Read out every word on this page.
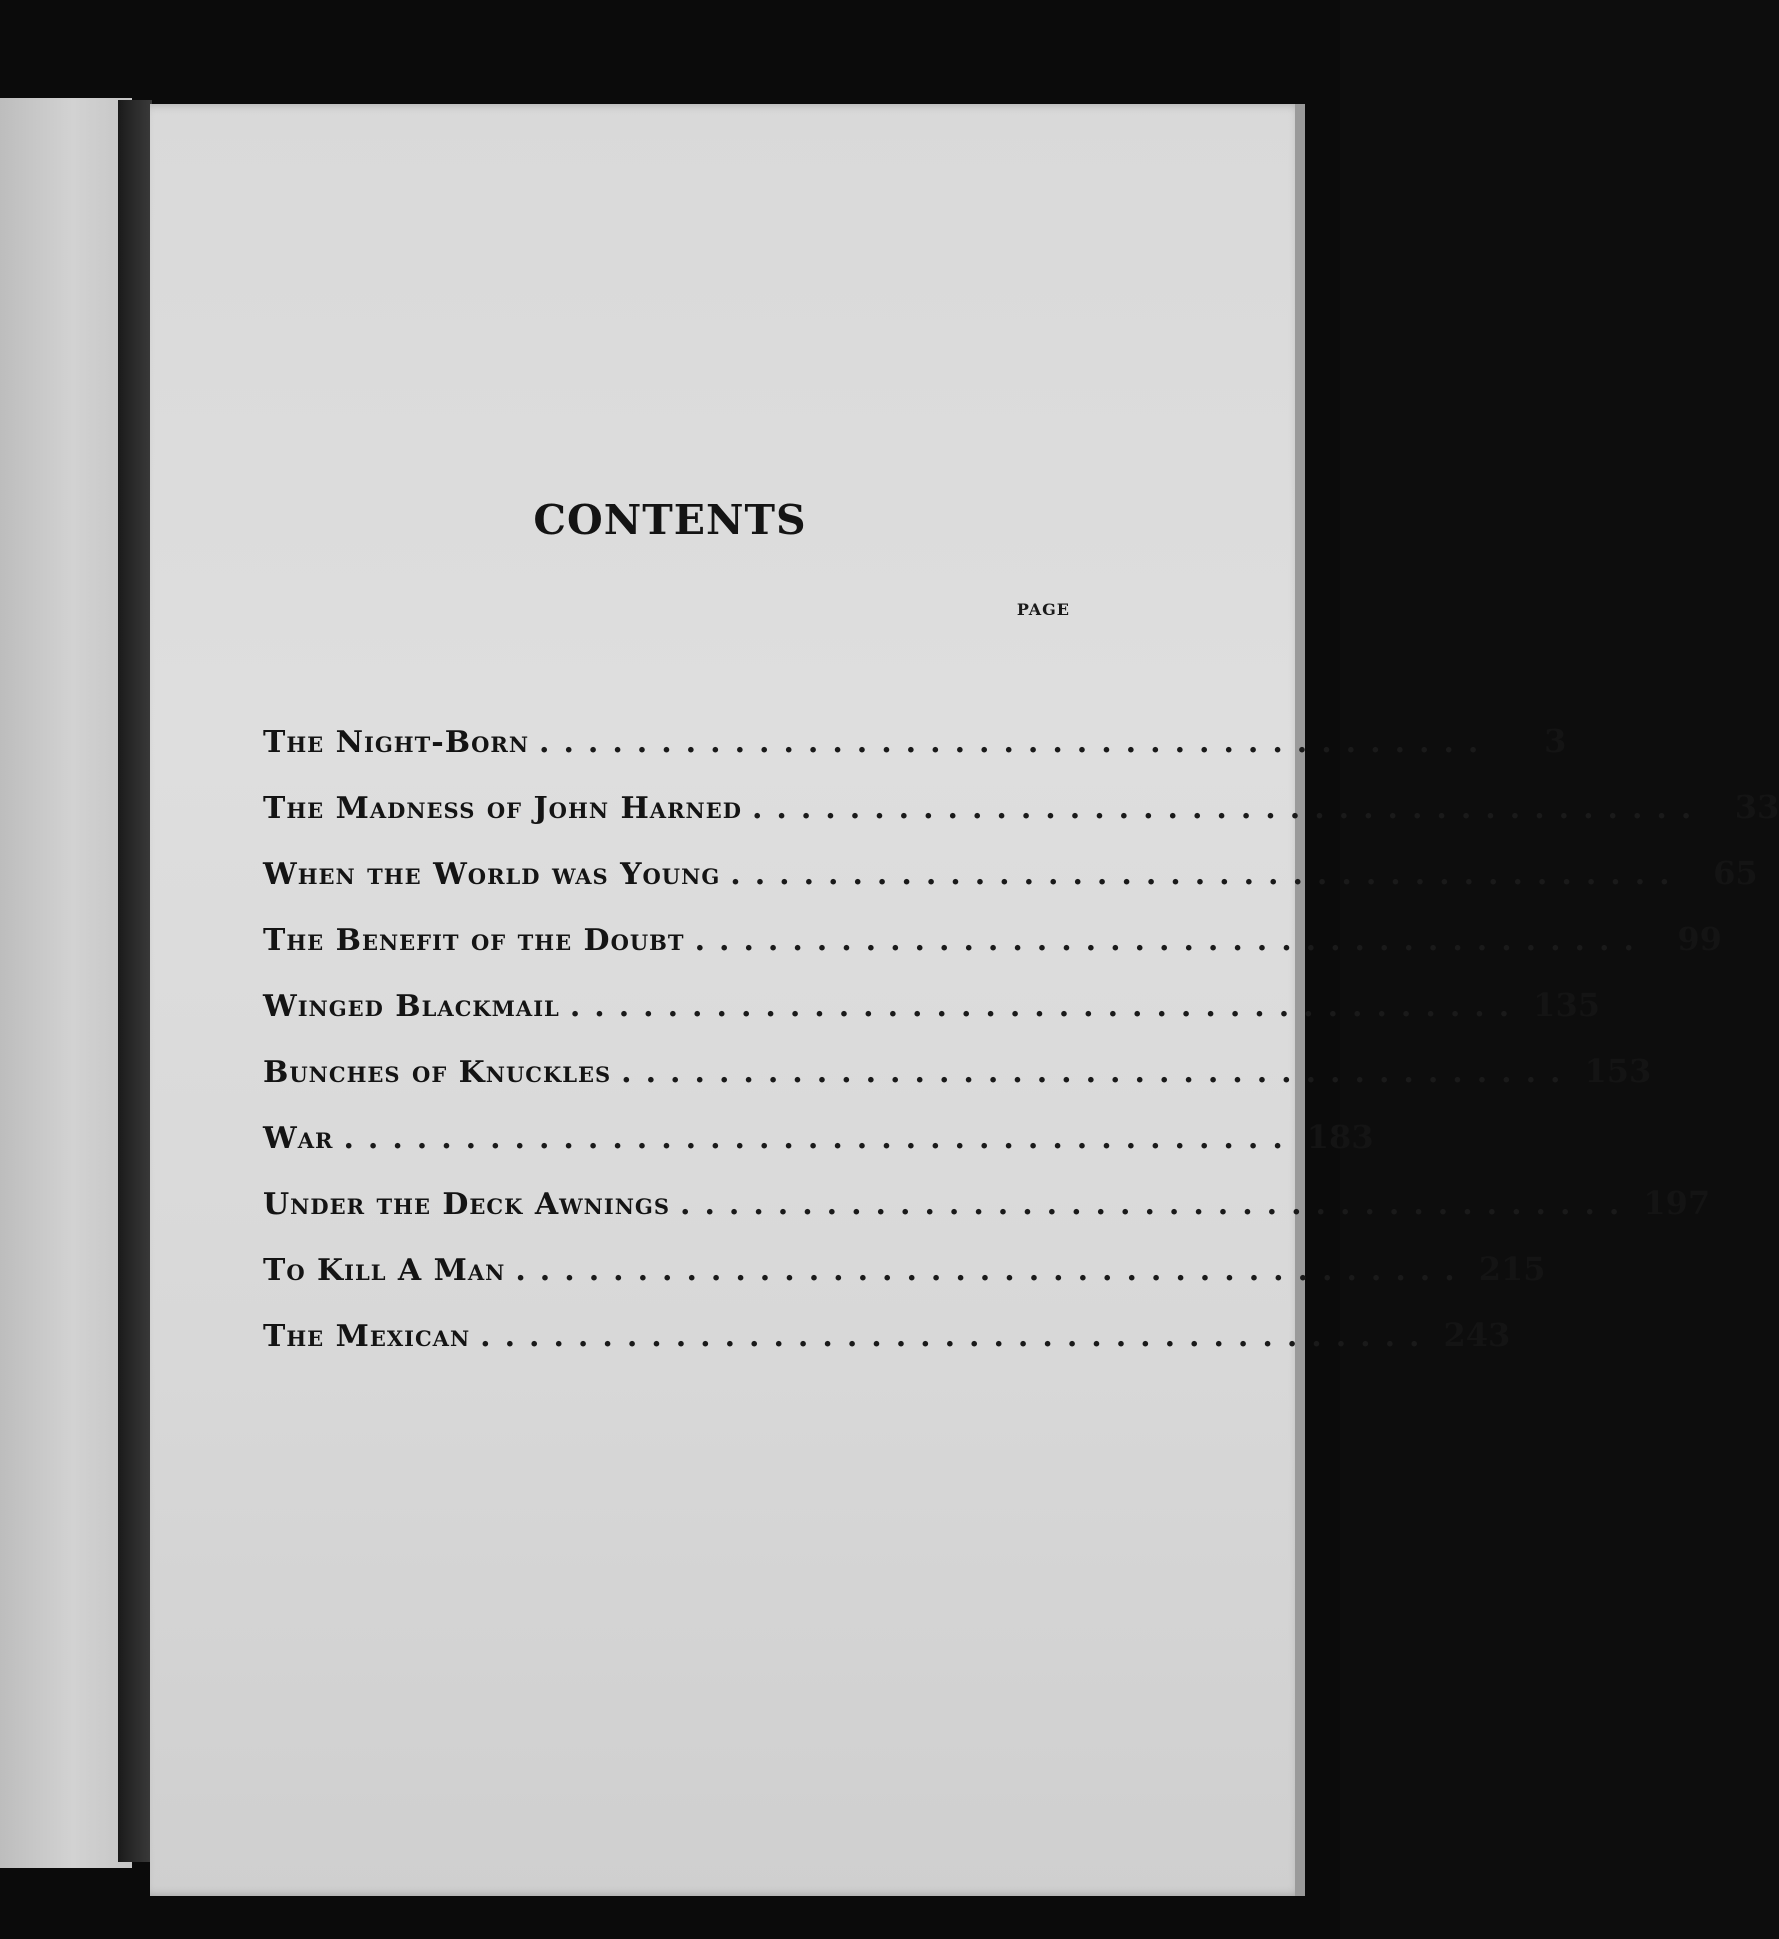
CONTENTS
PAGE
The Night-Born .......................................	3
The Madness of John Harned ....................................... 33
When the World was Young ....................................... 65
The Benefit of the Doubt ....................................... 99
Winged Blackmail ....................................... 135
Bunches of Knuckles ....................................... 153
War ....................................... 183
Under the Deck Awnings ....................................... 197
To Kill A Man ....................................... 215
The Mexican ....................................... 243
